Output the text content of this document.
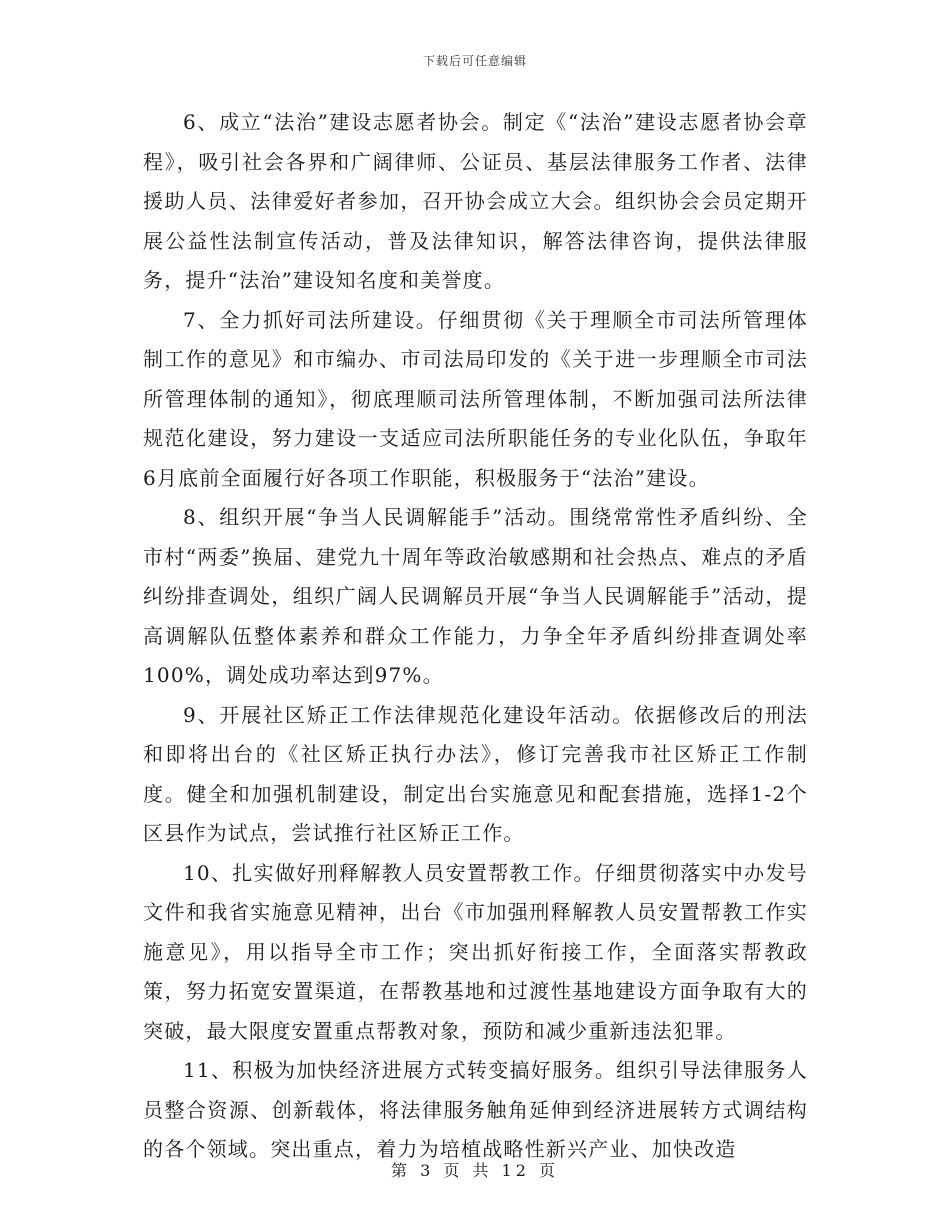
下载后可任意编辑

6、成立“法治”建设志愿者协会。制定《“法治”建设志愿者协会章程》，吸引社会各界和广阔律师、公证员、基层法律服务工作者、法律援助人员、法律爱好者参加，召开协会成立大会。组织协会会员定期开展公益性法制宣传活动，普及法律知识，解答法律咨询，提供法律服务，提升“法治”建设知名度和美誉度。

7、全力抓好司法所建设。仔细贯彻《关于理顺全市司法所管理体制工作的意见》和市编办、市司法局印发的《关于进一步理顺全市司法所管理体制的通知》，彻底理顺司法所管理体制，不断加强司法所法律规范化建设，努力建设一支适应司法所职能任务的专业化队伍，争取年6月底前全面履行好各项工作职能，积极服务于“法治”建设。

8、组织开展“争当人民调解能手”活动。围绕常常性矛盾纠纷、全市村“两委”换届、建党九十周年等政治敏感期和社会热点、难点的矛盾纠纷排查调处，组织广阔人民调解员开展“争当人民调解能手”活动，提高调解队伍整体素养和群众工作能力，力争全年矛盾纠纷排查调处率100%，调处成功率达到97%。

9、开展社区矫正工作法律规范化建设年活动。依据修改后的刑法和即将出台的《社区矫正执行办法》，修订完善我市社区矫正工作制度。健全和加强机制建设，制定出台实施意见和配套措施，选择1-2个区县作为试点，尝试推行社区矫正工作。

10、扎实做好刑释解教人员安置帮教工作。仔细贯彻落实中办发号文件和我省实施意见精神，出台《市加强刑释解教人员安置帮教工作实施意见》，用以指导全市工作；突出抓好衔接工作，全面落实帮教政策，努力拓宽安置渠道，在帮教基地和过渡性基地建设方面争取有大的突破，最大限度安置重点帮教对象，预防和减少重新违法犯罪。

11、积极为加快经济进展方式转变搞好服务。组织引导法律服务人员整合资源、创新载体，将法律服务触角延伸到经济进展转方式调结构的各个领域。突出重点，着力为培植战略性新兴产业、加快改造

第 3 页 共 12 页
